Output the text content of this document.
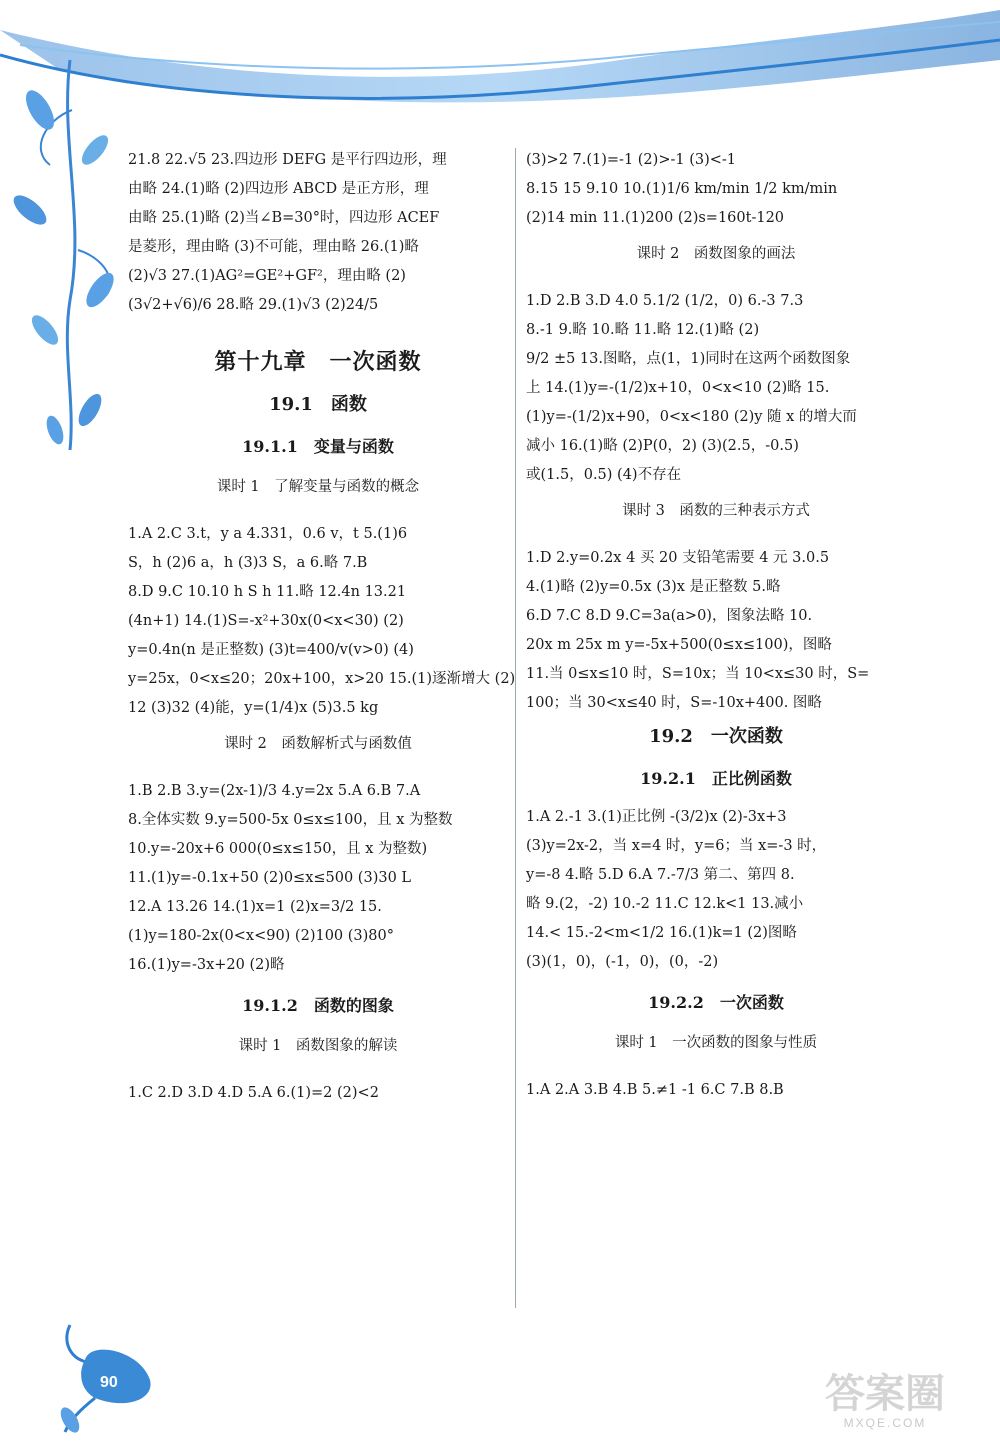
21.8 22.√5 23.四边形 DEFG 是平行四边形，理
由略 24.(1)略 (2)四边形 ABCD 是正方形，理
由略 25.(1)略 (2)当∠B=30°时，四边形 ACEF
是菱形，理由略 (3)不可能，理由略 26.(1)略
(2)√3 27.(1)AG²=GE²+GF²，理由略 (2)
(3√2+√6)/6 28.略 29.(1)√3 (2)24/5
第十九章　一次函数
19.1　函数
19.1.1　变量与函数
课时 1　了解变量与函数的概念
1.A 2.C 3.t，y a 4.331，0.6 v，t 5.(1)6
S，h (2)6 a，h (3)3 S，a 6.略 7.B
8.D 9.C 10.10 h S h 11.略 12.4n 13.21
(4n+1) 14.(1)S=-x²+30x(0<x<30) (2)
y=0.4n(n 是正整数) (3)t=400/v(v>0) (4)
y=25x，0<x≤20；20x+100，x>20 15.(1)逐渐增大 (2)
12 (3)32 (4)能，y=(1/4)x (5)3.5 kg
课时 2　函数解析式与函数值
1.B 2.B 3.y=(2x-1)/3 4.y=2x 5.A 6.B 7.A
8.全体实数 9.y=500-5x 0≤x≤100，且 x 为整数
10.y=-20x+6 000(0≤x≤150，且 x 为整数)
11.(1)y=-0.1x+50 (2)0≤x≤500 (3)30 L
12.A 13.26 14.(1)x=1 (2)x=3/2 15.
(1)y=180-2x(0<x<90) (2)100 (3)80°
16.(1)y=-3x+20 (2)略
19.1.2　函数的图象
课时 1　函数图象的解读
1.C 2.D 3.D 4.D 5.A 6.(1)=2 (2)<2
(3)>2 7.(1)=-1 (2)>-1 (3)<-1
8.15 15 9.10 10.(1)1/6 km/min 1/2 km/min
(2)14 min 11.(1)200 (2)s=160t-120
课时 2　函数图象的画法
1.D 2.B 3.D 4.0 5.1/2 (1/2，0) 6.-3 7.3
8.-1 9.略 10.略 11.略 12.(1)略 (2)
9/2 ±5 13.图略，点(1，1)同时在这两个函数图象
上 14.(1)y=-(1/2)x+10，0<x<10 (2)略 15.
(1)y=-(1/2)x+90，0<x<180 (2)y 随 x 的增大而
减小 16.(1)略 (2)P(0，2) (3)(2.5，-0.5)
或(1.5，0.5) (4)不存在
课时 3　函数的三种表示方式
1.D 2.y=0.2x 4 买 20 支铅笔需要 4 元 3.0.5
4.(1)略 (2)y=0.5x (3)x 是正整数 5.略
6.D 7.C 8.D 9.C=3a(a>0)，图象法略 10.
20x m 25x m y=-5x+500(0≤x≤100)，图略
11.当 0≤x≤10 时，S=10x；当 10<x≤30 时，S=
100；当 30<x≤40 时，S=-10x+400. 图略
19.2　一次函数
19.2.1　正比例函数
1.A 2.-1 3.(1)正比例 -(3/2)x (2)-3x+3
(3)y=2x-2，当 x=4 时，y=6；当 x=-3 时，
y=-8 4.略 5.D 6.A 7.-7/3 第二、第四 8.
略 9.(2，-2) 10.-2 11.C 12.k<1 13.减小
14.< 15.-2<m<1/2 16.(1)k=1 (2)图略
(3)(1，0)，(-1，0)，(0，-2)
19.2.2　一次函数
课时 1　一次函数的图象与性质
1.A 2.A 3.B 4.B 5.≠1 -1 6.C 7.B 8.B
90	答案圈
MXQE.COM
